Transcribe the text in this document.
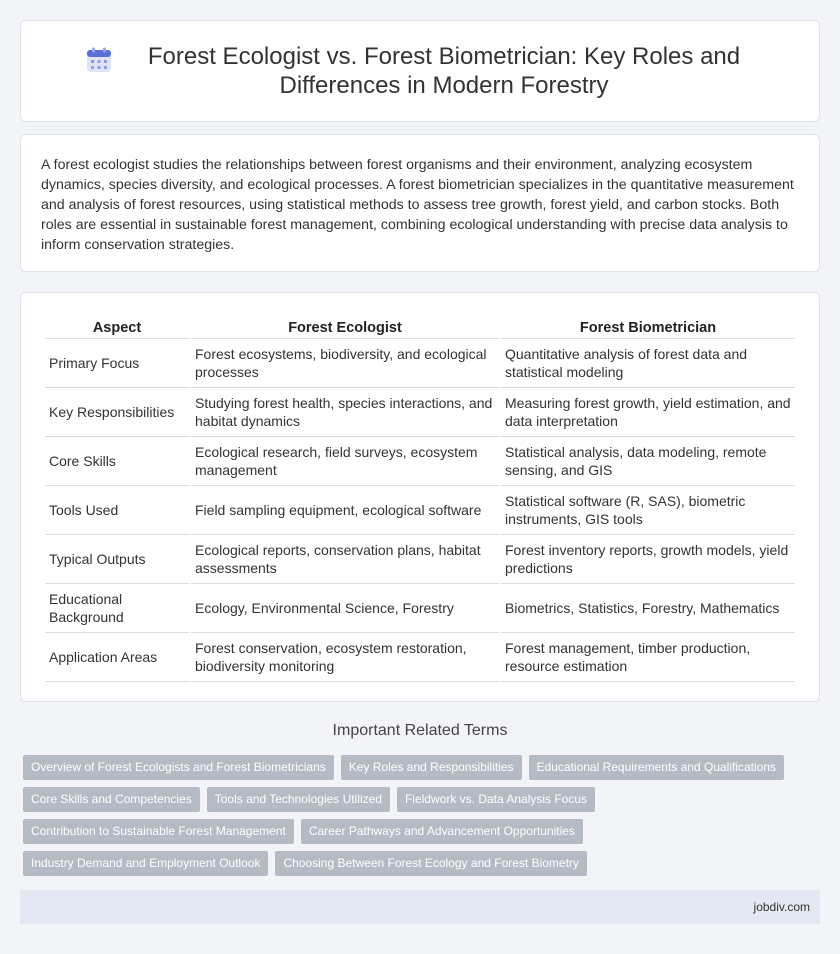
Forest Ecologist vs. Forest Biometrician: Key Roles and Differences in Modern Forestry

A forest ecologist studies the relationships between forest organisms and their environment, analyzing ecosystem dynamics, species diversity, and ecological processes. A forest biometrician specializes in the quantitative measurement and analysis of forest resources, using statistical methods to assess tree growth, forest yield, and carbon stocks. Both roles are essential in sustainable forest management, combining ecological understanding with precise data analysis to inform conservation strategies.

Aspect	Forest Ecologist	Forest Biometrician
Primary Focus	Forest ecosystems, biodiversity, and ecological processes	Quantitative analysis of forest data and statistical modeling
Key Responsibilities	Studying forest health, species interactions, and habitat dynamics	Measuring forest growth, yield estimation, and data interpretation
Core Skills	Ecological research, field surveys, ecosystem management	Statistical analysis, data modeling, remote sensing, and GIS
Tools Used	Field sampling equipment, ecological software	Statistical software (R, SAS), biometric instruments, GIS tools
Typical Outputs	Ecological reports, conservation plans, habitat assessments	Forest inventory reports, growth models, yield predictions
Educational Background	Ecology, Environmental Science, Forestry	Biometrics, Statistics, Forestry, Mathematics
Application Areas	Forest conservation, ecosystem restoration, biodiversity monitoring	Forest management, timber production, resource estimation
Important Related Terms
Overview of Forest Ecologists and Forest Biometricians	Key Roles and Responsibilities	Educational Requirements and Qualifications
Core Skills and Competencies	Tools and Technologies Utilized	Fieldwork vs. Data Analysis Focus
Contribution to Sustainable Forest Management	Career Pathways and Advancement Opportunities
Industry Demand and Employment Outlook	Choosing Between Forest Ecology and Forest Biometry
jobdiv.com
